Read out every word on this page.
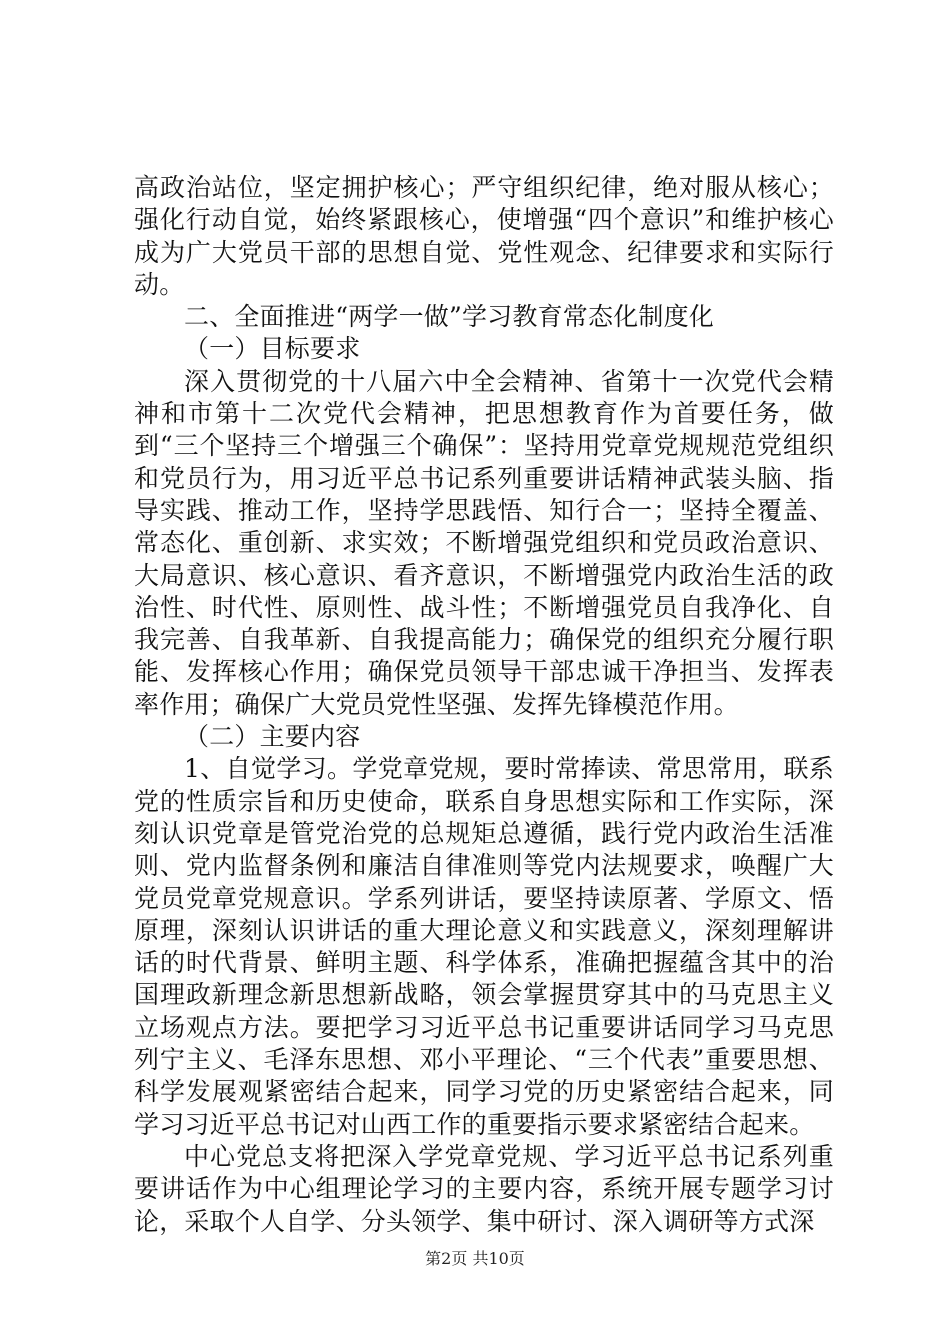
高政治站位，坚定拥护核心；严守组织纪律，绝对服从核心；强化行动自觉，始终紧跟核心，使增强“四个意识”和维护核心成为广大党员干部的思想自觉、党性观念、纪律要求和实际行动。

二、全面推进“两学一做”学习教育常态化制度化

（一）目标要求

深入贯彻党的十八届六中全会精神、省第十一次党代会精神和市第十二次党代会精神，把思想教育作为首要任务，做到“三个坚持三个增强三个确保”：坚持用党章党规规范党组织和党员行为，用习近平总书记系列重要讲话精神武装头脑、指导实践、推动工作，坚持学思践悟、知行合一；坚持全覆盖、常态化、重创新、求实效；不断增强党组织和党员政治意识、大局意识、核心意识、看齐意识，不断增强党内政治生活的政治性、时代性、原则性、战斗性；不断增强党员自我净化、自我完善、自我革新、自我提高能力；确保党的组织充分履行职能、发挥核心作用；确保党员领导干部忠诚干净担当、发挥表率作用；确保广大党员党性坚强、发挥先锋模范作用。

（二）主要内容

1、自觉学习。学党章党规，要时常捧读、常思常用，联系党的性质宗旨和历史使命，联系自身思想实际和工作实际，深刻认识党章是管党治党的总规矩总遵循，践行党内政治生活准则、党内监督条例和廉洁自律准则等党内法规要求，唤醒广大党员党章党规意识。学系列讲话，要坚持读原著、学原文、悟原理，深刻认识讲话的重大理论意义和实践意义，深刻理解讲话的时代背景、鲜明主题、科学体系，准确把握蕴含其中的治国理政新理念新思想新战略，领会掌握贯穿其中的马克思主义立场观点方法。要把学习习近平总书记重要讲话同学习马克思列宁主义、毛泽东思想、邓小平理论、“三个代表”重要思想、科学发展观紧密结合起来，同学习党的历史紧密结合起来，同学习习近平总书记对山西工作的重要指示要求紧密结合起来。

中心党总支将把深入学党章党规、学习近平总书记系列重要讲话作为中心组理论学习的主要内容，系统开展专题学习讨论，采取个人自学、分头领学、集中研讨、深入调研等方式深

第2页 共10页
